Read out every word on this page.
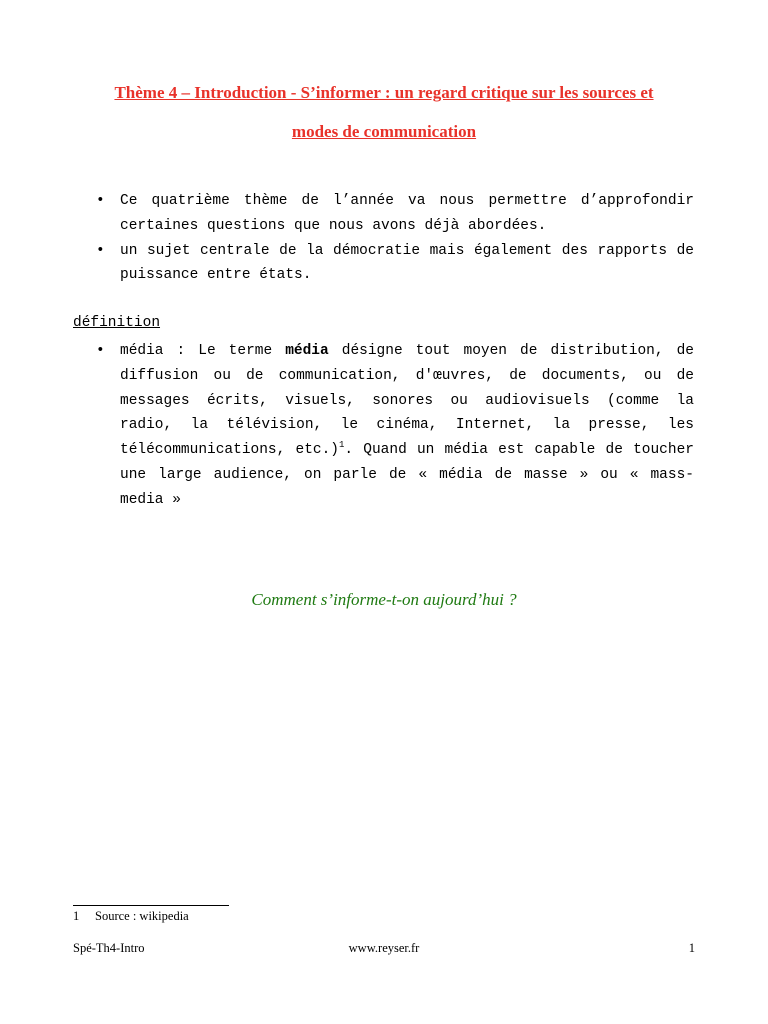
Thème 4 – Introduction - S’informer : un regard critique sur les sources et
modes de communication
• Ce quatrième thème de l’année va nous permettre d’approfondir certaines questions que nous avons déjà abordées.
• un sujet centrale de la démocratie mais également des rapports de puissance entre états.
définition
• média : Le terme média désigne tout moyen de distribution, de diffusion ou de communication, d'œuvres, de documents, ou de messages écrits, visuels, sonores ou audiovisuels (comme la radio, la télévision, le cinéma, Internet, la presse, les télécommunications, etc.)$^1$. Quand un média est capable de toucher une large audience, on parle de « média de masse » ou « mass-media »
Comment s’informe-t-on aujourd’hui ?
1 Source : wikipedia
Spé-Th4-Intro	www.reyser.fr	1
